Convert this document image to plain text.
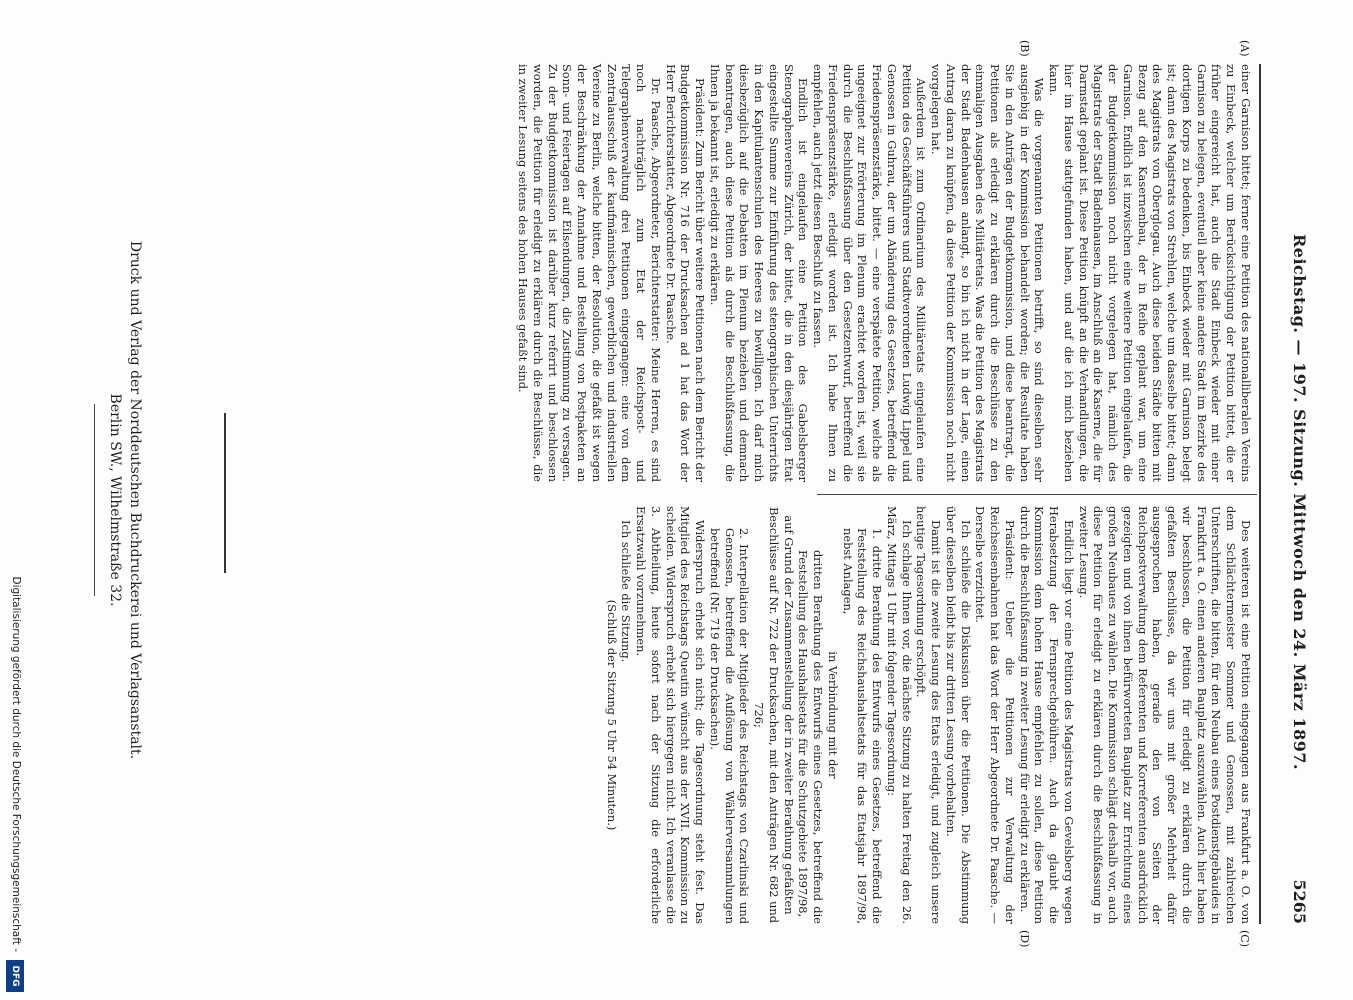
Reichstag. — 197. Sitzung. Mittwoch den 24. März 1897.
5265
(A)
(B)
(C)
(D)

einer Garnison bittet; ferner eine Petition des nationalliberalen Vereins zu Einbeck, welcher um Berücksichtigung der Petition bittet, die er früher eingereicht hat, auch die Stadt Einbeck wieder mit einer Garnison zu belegen, eventuell aber keine andere Stadt im Bezirke des dortigen Korps zu bedenken, bis Einbeck wieder mit Garnison belegt ist; dann des Magistrats von Strehlen, welche um dasselbe bittet; dann des Magistrats von Oberglogau. Auch diese beiden Städte bitten mit Bezug auf den Kasernenbau, der in Reihe geplant war, um eine Garnison. Endlich ist inzwischen eine weitere Petition eingelaufen, die der Budgetkommission noch nicht vorgelegen hat, nämlich des Magistrats der Stadt Badenhausen, im Anschluß an die Kaserne, die für Darmstadt geplant ist. Diese Petition knüpft an die Verhandlungen, die hier im Hause stattgefunden haben, und auf die ich mich beziehen kann.

Was die vorgenannten Petitionen betrifft, so sind dieselben sehr ausgiebig in der Kommission behandelt worden; die Resultate haben Sie in den Anträgen der Budgetkommission, und diese beantragt, die Petitionen als erledigt zu erklären durch die Beschlüsse zu den einmaligen Ausgaben des Militäretats. Was die Petition des Magistrats der Stadt Badenhausen anlangt, so bin ich nicht in der Lage, einen Antrag daran zu knüpfen, da diese Petition der Kommission noch nicht vorgelegen hat.

Außerdem ist zum Ordinarium des Militäretats eingelaufen eine Petition des Geschäftsführers und Stadtverordneten Ludwig Lippel und Genossen in Guhrau, der um Abänderung des Gesetzes, betreffend die Friedenspräsenzstärke, bittet. — eine verspätete Petition, welche als ungeeignet zur Erörterung im Plenum erachtet worden ist, weil sie durch die Beschlußfassung über den Gesetzentwurf, betreffend die Friedenspräsenzstärke, erledigt worden ist. Ich habe Ihnen zu empfehlen, auch jetzt diesen Beschluß zu fassen.

Endlich ist eingelaufen eine Petition des Gabelsberger Stenographenvereins Zürich, der bittet, die in den diesjährigen Etat eingestellte Summe zur Einführung des stenographischen Unterrichts in den Kapitulantenschulen des Heeres zu bewilligen. Ich darf mich diesbezüglich auf die Debatten im Plenum beziehen und demnach beantragen, auch diese Petition als durch die Beschlußfassung, die Ihnen ja bekannt ist, erledigt zu erklären.

Präsident: Zum Bericht über weitere Petitionen nach dem Bericht der Budgetkommission Nr. 716 der Drucksachen ad 1 hat das Wort der Herr Berichterstatter, Abgeordnete Dr. Paasche.

Dr. Paasche, Abgeordneter, Berichterstatter: Meine Herren, es sind noch nachträglich zum Etat der Reichspost- und Telegraphenverwaltung drei Petitionen eingegangen: eine von dem Zentralausschuß der kaufmännischen, gewerblichen und industriellen Vereine zu Berlin, welche bitten, der Resolution, die gefaßt ist wegen der Beschränkung der Annahme und Bestellung von Postpaketen an Sonn- und Feiertagen auf Eilsendungen, die Zustimmung zu versagen. Zu der Budgetkommission ist darüber kurz referirt und beschlossen worden, die Petition für erledigt zu erklären durch die Beschlüsse, die in zweiter Lesung seitens des hohen Hauses gefaßt sind.

Des weiteren ist eine Petition eingegangen aus Frankfurt a. O. von dem Schlächtermeister Sommer und Genossen, mit zahlreichen Unterschriften, die bitten, für den Neubau eines Postdienstgebäudes in Frankfurt a. O. einen anderen Bauplatz auszuwählen. Auch hier haben wir beschlossen, die Petition für erledigt zu erklären durch die gefaßten Beschlüsse, da wir uns mit großer Mehrheit dafür ausgesprochen haben, gerade den von Seiten der Reichspostverwaltung dem Referenten und Korreferenten ausdrücklich gezeigten und von ihnen befürworteten Bauplatz zur Errichtung eines großen Neubaues zu wählen. Die Kommission schlägt deshalb vor, auch diese Petition für erledigt zu erklären durch die Beschlußfassung in zweiter Lesung.

Endlich liegt vor eine Petition des Magistrats von Gevelsberg wegen Herabsetzung der Fernsprechgebühren. Auch da glaubt die Kommission dem hohen Hause empfehlen zu sollen, diese Petition durch die Beschlußfassung in zweiter Lesung für erledigt zu erklären.

Präsident: Ueber die Petitionen zur Verwaltung der Reichseisenbahnen hat das Wort der Herr Abgeordnete Dr. Paasche. — Derselbe verzichtet.

Ich schließe die Diskussion über die Petitionen. Die Abstimmung über dieselben bleibt bis zur dritten Lesung vorbehalten.

Damit ist die zweite Lesung des Etats erledigt, und zugleich unsere heutige Tagesordnung erschöpft.

Ich schlage Ihnen vor, die nächste Sitzung zu halten Freitag den 26. März, Mittags 1 Uhr mit folgender Tagesordnung:

1. dritte Berathung des Entwurfs eines Gesetzes, betreffend die Feststellung des Reichshaushaltsetats für das Etatsjahr 1897/98, nebst Anlagen,

in Verbindung mit der

dritten Berathung des Entwurfs eines Gesetzes, betreffend die Feststellung des Haushaltsetats für die Schutzgebiete 1897/98,

auf Grund der Zusammenstellung der in zweiter Berathung gefaßten Beschlüsse auf Nr. 722 der Drucksachen, mit den Anträgen Nr. 682 und 726;

2. Interpellation der Mitglieder des Reichstags von Czarlinski und Genossen, betreffend die Auflösung von Wählerversammlungen betreffend (Nr. 719 der Drucksachen).

Widerspruch erhebt sich nicht; die Tagesordnung steht fest. Das Mitglied des Reichstags Queutin wünscht aus der XVII. Kommission zu scheiden. Widerspruch erhebt sich hiergegen nicht. Ich veranlasse die 3. Abtheilung, heute sofort nach der Sitzung die erforderliche Ersatzwahl vorzunehmen.

Ich schließe die Sitzung.

(Schluß der Sitzung 5 Uhr 54 Minuten.)

Druck und Verlag der Norddeutschen Buchdruckerei und Verlagsanstalt.
Berlin SW., Wilhelmstraße 32.
Digitalisierung gefördert durch die Deutsche Forschungsgemeinschaft -
DFG
